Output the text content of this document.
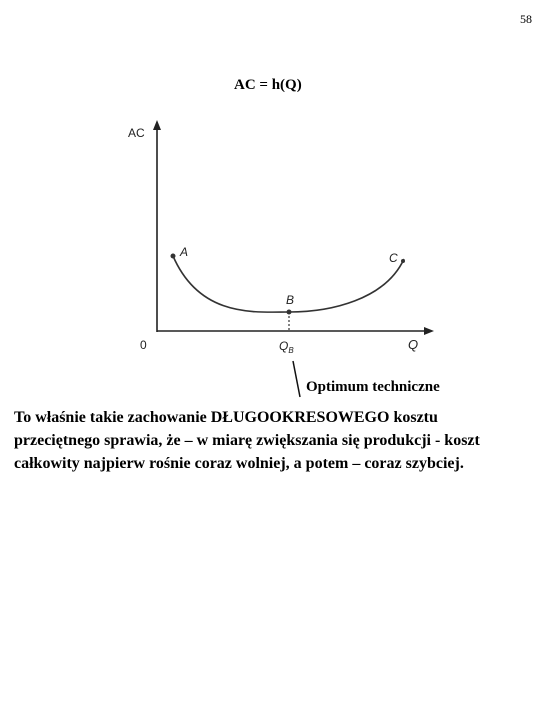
58
AC = h(Q)
AC
0	Q
A
B
C
$Q_B$
Optimum techniczne

To właśnie takie zachowanie DŁUGOOKRESOWEGO kosztu przeciętnego sprawia, że – w miarę zwiększania się produkcji - koszt całkowity najpierw rośnie coraz wolniej, a potem – coraz szybciej.
